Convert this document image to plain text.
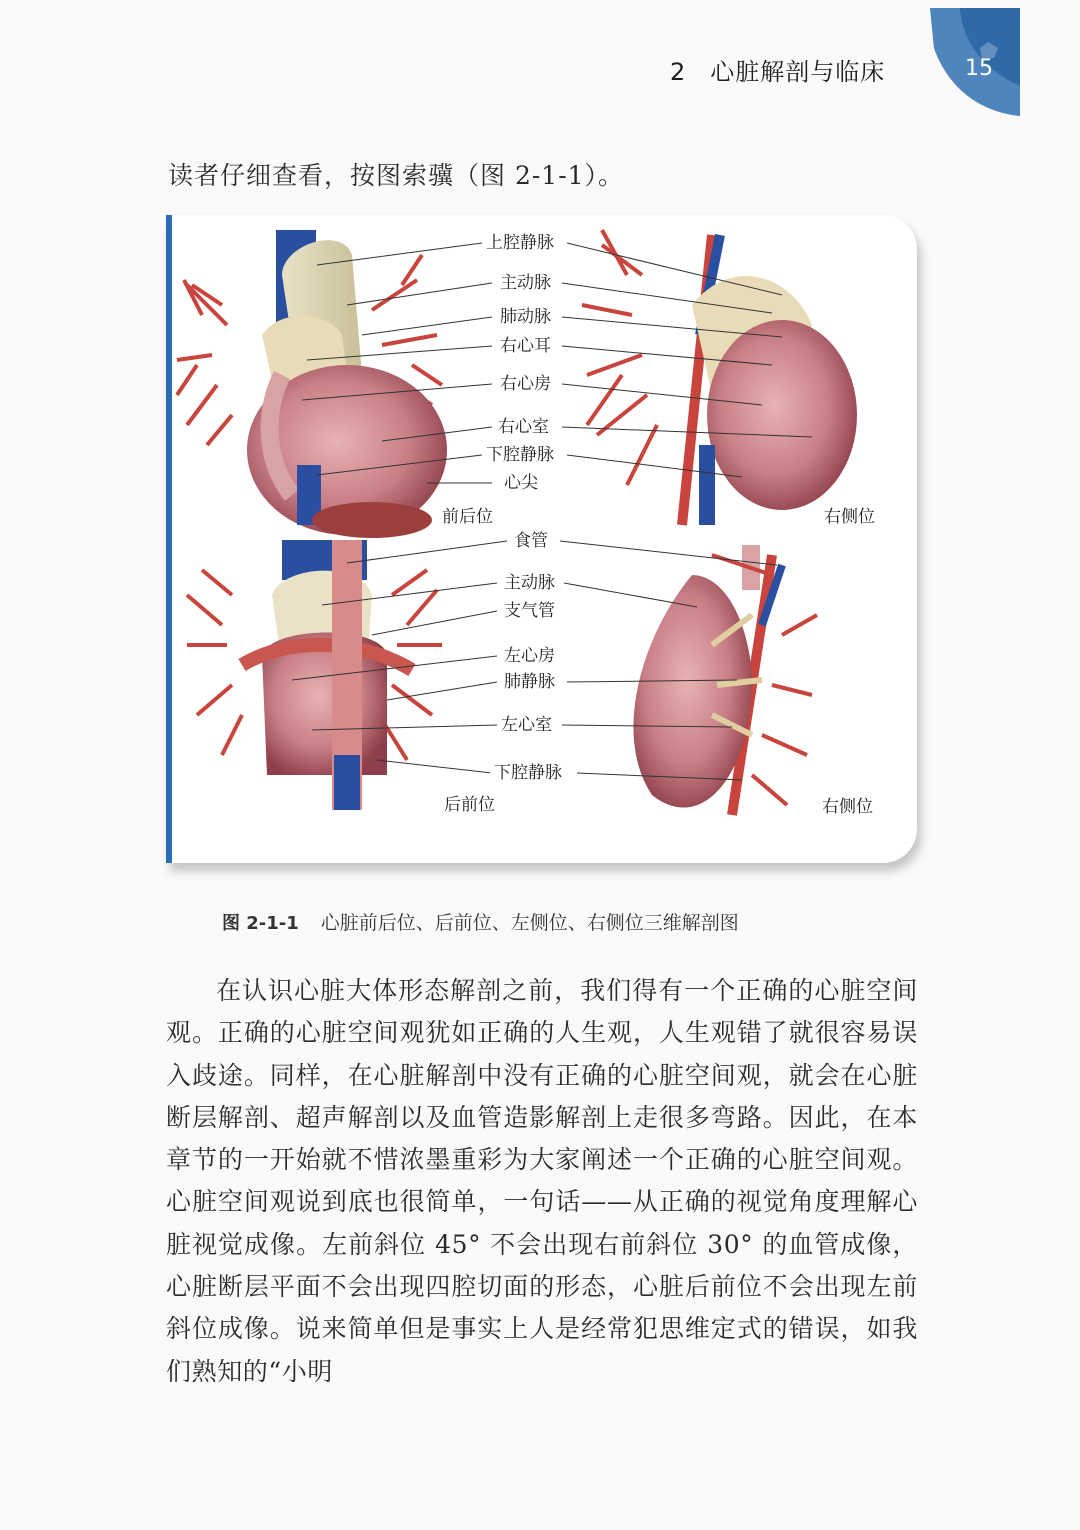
2 心脏解剖与临床	15
读者仔细查看，按图索骥（图 2-1-1）。
上腔静脉
主动脉
肺动脉
右心耳
右心房
右心室
下腔静脉
心尖
前后位	右侧位
食管
主动脉
支气管
左心房
肺静脉
左心室
下腔静脉
后前位	右侧位
图 2-1-1 心脏前后位、后前位、左侧位、右侧位三维解剖图

在认识心脏大体形态解剖之前，我们得有一个正确的心脏空间观。正确的心脏空间观犹如正确的人生观，人生观错了就很容易误入歧途。同样，在心脏解剖中没有正确的心脏空间观，就会在心脏断层解剖、超声解剖以及血管造影解剖上走很多弯路。因此，在本章节的一开始就不惜浓墨重彩为大家阐述一个正确的心脏空间观。心脏空间观说到底也很简单，一句话——从正确的视觉角度理解心脏视觉成像。左前斜位 45° 不会出现右前斜位 30° 的血管成像，心脏断层平面不会出现四腔切面的形态，心脏后前位不会出现左前斜位成像。说来简单但是事实上人是经常犯思维定式的错误，如我们熟知的“小明
